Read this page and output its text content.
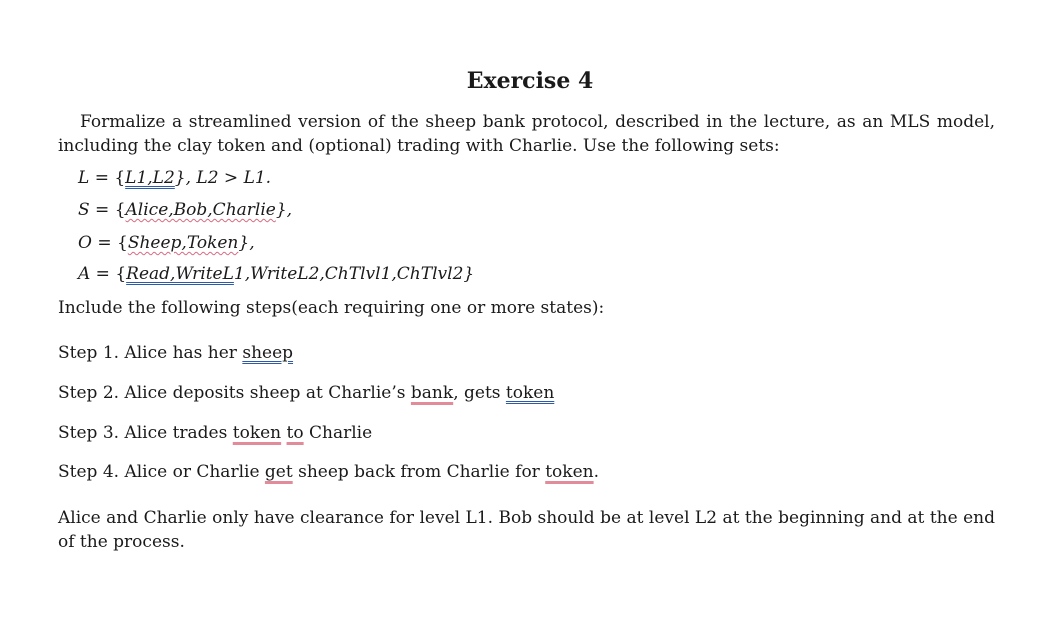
Exercise 4
Formalize a streamlined version of the sheep bank protocol, described in the lecture, as an MLS model, including the clay token and (optional) trading with Charlie. Use the following sets:
L = {L1,L2}, L2 > L1.
S = {Alice,Bob,Charlie},
O = {Sheep,Token},
A = {Read,WriteL1,WriteL2,ChTlvl1,ChTlvl2}
Include the following steps(each requiring one or more states):
Step 1. Alice has her sheep
Step 2. Alice deposits sheep at Charlie’s bank, gets token
Step 3. Alice trades token to Charlie
Step 4. Alice or Charlie get sheep back from Charlie for token.
Alice and Charlie only have clearance for level L1. Bob should be at level L2 at the beginning and at the end of the process.
